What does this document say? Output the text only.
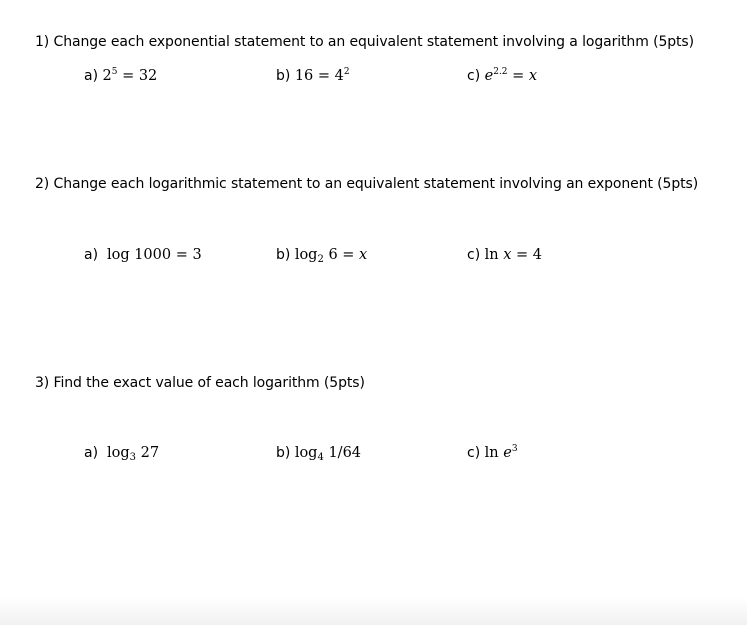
1) Change each exponential statement to an equivalent statement involving a logarithm (5pts)
a) $2^5 = 32$	b) $16 = 4^2$	c) $e^{2.2} = x$
2) Change each logarithmic statement to an equivalent statement involving an exponent (5pts)
a) log 1000 = 3	b) $\log_2 6 = x$	c) ln x = 4
3) Find the exact value of each logarithm (5pts)
a) $\log_3 27$	b) $\log_4 1/64$	c) $\ln e^3$
